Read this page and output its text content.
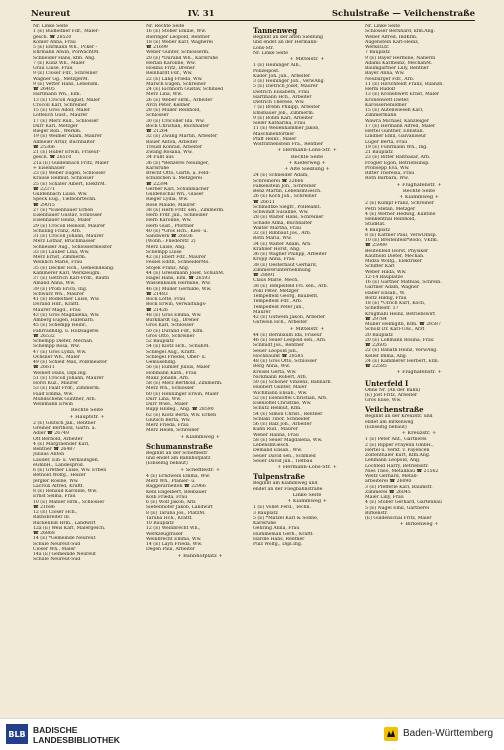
Neureut	IV. 31	Schulstraße — Veilchenstraße
Nr. Linke Seite
1 (E) Budleitner Fdr., Maler-
gesch. ☎ 28520
Kohler Anna, Frau
5 (E) Ehrmann Wh., Pcker -
Ehrmann Alwin, PolWachtM.
Schneider Hans, kfm. Ang.
7 (E) Kunz Wh., Maler
Grau Luise, Frau
9 (E) Closer Fdr., Schreiner
Wagner Gg., MetzgerM.
9 (E) Vetter Hans, Lebensm.
☎ 26405
Hartmann Wh., Elm.
13 (E) Crocoll August, Maler
Crocoll Karl, Schreiner
15 (E) Gros Adolf, Maler
Löffelich Gust., Maurer
17 (E) Merz Rud., Schlosser
Dürr Karl, Metzger
Rieger Rob., Werkm.
19 (E) Weimer Adam, Maurer
Allmeier Artur, Buchhalter
☎ 25366
21 (E) Huber Erwin, Friseur-
gesch. ☎ 26510
21a (E) Guldenbach Fritz, Maler
+ Eisenhauer
23 (E) Weber Eugen, Schlosser
Krause Helmut, Schlosser
25 (E) Schäfer Albert, ElektrM.
☎ 22371
Guldenbach Luise, Ww.
Speck Eug., Tiefbohrtechn.
☎ 29015
27 (E) *Eisenhauer Erben
Eisenhauer Gustav, Schlosser
Eisenhauer Heinz, Maler
29 (E) Crocoll Reinold, Maurer
Schilling Franz, Arb.
31 (E) Crocoll Johann, Maurer
Merz Lothar, Bruchmasser
Schneider Aug., Schlossermeister
33 (E) Lauber Lina, Ww.
Merz Ernst, Zimmerm.
Weinlich Marie, Frau
35 (E) Decker Hch., Gemeindeang.
Kammerer Karl, Werkzeugm.
37 (E) Gettrich Karl-Frdr., Bautn
Amand Anna, Ww.
39 (E) Pröm Erich, Ing.
Schwarz Wh., Maurer
41 (E) Bodleitner Luise, Ww.
Dorand Hdr., Kraftf.
Maurer Magd., Frau
43 (E) Gros Magdalena, Ww.
Amberg Eugen, Hafenarb.
45 (E) Schempp Heinr.,
Fahrradhdlg. u. Holzsägerei
☎ 26532
Schempp Dieter, Mechan.
Schempp Rosa, Ww.
47 (E) Gros Lydia, Ww.
Ochsner Wh., Maler
49 (E) Schleif Max, Polßmeister
☎ 26611
Weinelt Hans, Dipl.Ing.
51 (E) Crocoll Johann, Maurer
Hörst Kuz., Maurer
53 (E) Faalf Frdr., Zimmerm.
Faalf Emma, Ww.
Mundschenk Günther, Arb.
Weinmann Erwin
Rechte Seite
+ Hauptstr. +
2 (E) Glutsch Jak., Rentner
Greiner Berthold, Garth. a.
Adler ☎ 26749
Ott Berhold, Arbeiter
4 (E) Margraender Karl,
Rentner ☎ 26487
Juliaus Anton
Lauder, Ein- u. Verkaufsgen.
eGmbH., Landesprod.
6 (E) Grether Luise, Ww. Erben
Bethold Wolfg., Heizer
Jergler Rosine, Ww.
Lacroix Alfred, Kraftf.
8 (E) Renaud Karoline, Ww.
Ernst Selma, Frau
10 (E) Mahler Hrm., Schlosser
☎ 21686
12 (E) Closer Hch.,
Rathsbreiter Ill.
Ruckenbiß Hrm., Landwirt
12a (E) Weis Karl, Malergesch.
☎ 26868
14 (E) *Gemeinde Neureut
Schule Neureut-Süd
Closer Wh., Maler
14a (E) Gemeinde Neureut
Schule Neureut-Süd
Nr. Rechte Seite
16 (E) Stober Emilie, Ww.
Bieringer Leopold, Rentner
18 (E) Weber Karl, Wagnerei
☎ 21699
Weber Günter, Schlosserm.
20 (E) *Durand Wh., Karlsruhe
Herlan Karoline, Ww.
Hodina Fritz, Dreher
Reinhardt Fdr., Ww.
22 (E) Lang Frieda, Ww.
Marsch Eugen, Schreiner
24 (E) Eichhorn Gustav, Schmied
Merz Lina, Ww.
26 (E) Weber Hrm., Arbeiter
Arch Peter, Kellner
28 (E) Müller Reinhold,
Schlosser
30 (E) Crocoller Ida, Ww.
Bock Christian, Buchhalter
☎ 21264
32 (E) Zwang Martin, Arbeiter
Bauer Anton, Arbeiter
Treudl Konrad, Arbeiter
Zwang Rosalia, Ww.
34 Füllt aus
36 (E) *Benzerei Neuinger,
Karlsruhe
Brecht Otto, Garth. a. Feld-
schildchen u. Metzgerei
☎ 22394
Gerber Karl, Schuhmacher
Guldenschal Wh., Glaser
Rieger Lydia, Ww.
Rose Maude, Maurer
38 (E) Herb Frdr. sen., Zimmerm.
Herb Frdr. jun., Schneider
Herb Karoline, Ww.
Herb Gust., Pförtner
40 (E) *Gros Hch., Kies- u.
Sandwerk ☎ 26836
(Wohn.: Fliederstr. 2)
Merz Luise, Ang.
Schempp Luise
42 (E) Ebert Fdr., Maurer
Fessel Edith, SchneiderMs.
Stojek Franz, Ang.
44 (E) Gressmann Josef, SchuhM.
Hagel Hans, Elm. ☎ 26593
Wassenbaum Hermine, Ww.
46 (E) Müller Gerhilde, Ww.
☎ 21483
Bock Lotte, Frau
Bock Erwin, Verwaltungs-
☎ 21426
48 (E) Gros Emma, Ww.
Burkhardt Gg., Dreher
Gros Karl, Schlosser
50 (E) Durand Fdr., Kfm.
Gros Otto, Schreiner
52 Bauplatz
54 (E) Klotz Hch., SchuhM.
Schlegel Aug., Kraftf.
Schlegel Friedel, Ober- u.
Gemüsehdlg.
56 (E) Eumler Julius, Maler
Hohmann Kath., Frau
Manz Johann, Arb.
58 (E) Merz Berthold, Zimmerm.
Merz Wh., Schlosser
60 (E) Henninger Erwin, Maler
Dürr Lina, Ww.
Dürr Wwe., Maler
Rupp Hildeg., Ang. ☎ 28590
62 (E) Klotz Berta, Ww. Erben
Glutsch Berta, Ww.
Merz Frieda, Frau
Merz Helen, Schreiner
+ Klammweg +
Schumannstraße
Beginnt an der Schefflestr
und endet am Bahnhofplatz
(Einseitig bebaut)
+ Schefflestr. +
4 (E) Erndwein Emma, Ww.
Merz Wh., Planier- u.
Baggerarbeiten ☎ 22966
Kehl Engelbert, Bleibauer
Kolb Frieda, Frau
6 (E) Wolf Jakob, Arb.
Siebenhofer Jakob, Landwirt
8 (E) Taruba Jos., PlatzM.
Taruba Hch., Kraftf.
10 Bauplatz
12 (E) Weinbrecht Wh.,
Werkzeugfräser
Weinbrecht Emma, Ww.
14 (E) Layh Frieda, Ww.
Degen Paul, Arbeiter
+ Bahnhofplatz +
Tannenweg
Beginnt an der alten Siedlung
und endet an der Hermann-
Löns-Str.
Nr. Linke Seite
+ Mittelstr. +
1 (E) Heininger Alb.,
Polizeipost.
Kuder Joh. jun., Arbeiter
3 (E) Heininger Joh., VerwAng.
5 (E) Dietrich Josef, Maurer
Dietrich Elisabeth, Frau
Hartmann Hch., Arbeiter
Dietrich Therese, Ww.
7 (E) Brenn Philipp, Arbeiter
Emsbauer Joh., Zimmerm.
9 (E) Böhm Karl, Arbeiter
Sieler Katharina, Frau
11 (E) Wellenhammer Jakob,
Maschinenformer
Pfaff Heinr., Maler
Wolfrathenstein Fra., Rentner
+ Hermann-Löns-Str. +
Rechte Seite
+ Kieferweg +
+ Alte Siedlung +
24 (E) Schneider Adam,
Schreinerei ☎ 22666
Falkenstein Joh., Schreiner
Benz Martin, LebensmGesch.
26 (E) Koch Joh., Schreiner
☎ 26611
Schmidtke Siegfr., PolBeamt.
Schwindt Susanne, Ww.
28 (E) Walter Hans, Schreiner
Schade Alma, Buchhalter
Walter Martha, Frau
32 (E) Rimbaut Jos., Arb.
Roth Maria, Ww.
34 (E) Walter Adam, Arb.
Krähner Horst, Ang.
36 (E) Wagner Philipp, Arbeiter
Kropp Anna, Frau
38 (E) Oesterhaut Gerhard,
Zimmererunternehmung
☎ 28891
Claus Marie, Mech.
38 (E) Tempelfeld Fri. sen., Arb.
Pohl Peter, Metzger
Tempelfeld Georg, Baubeflt.
Tempelfeld Fdr., Arb.
Tempelfeld Peter jun.,
Maurer
42 (E) Gutwein Jakob, Arbeiter
Gutwein Hch., Arbeiter
+ Mittelstr. +
44 (E) Bernbaum Ida, Friseur
46 (E) Seuer Leopold sen., Arb.
Schmidt Jos., Rentner
Seuer Leopold jun.,
Hochbaumt ☎ 28585
48 (E) Gros Otto, Schlosser
Berg Anna, Ww.
Kreisel Gerta, Ww.
Nickmann Robert, Arb.
50 (E) Schöner Vinzenz, Bahnarb.
Hübbert Günter, Maler
Wichmann Elisab., Ww.
52 (E) Esenlöffel Christian, Arb.
Esenlöffel Christine, Ww.
Schütz Helmut, Kfm.
54 (E) Simon Christ., Rentner
Schlaki Tibor, Schneider
56 (E) Balz Joh., Arbeiter
Kuhn Rud., Maurer
Weber Hanna, Frau
58 (E) Seuer Magdalena, Ww.
LebensmGesch.
Demand Elisab., Ww.
Seuer David sen., Schmied
Seuer David jun., Tiefbau
+ Hermann-Löns-Str. +
Tulpenstraße
Beginnt am Klammweg und
endet an der Fliegbahnstraße
Linke Seite
+ Klammweg +
1 (E) Vollet Ferd., Techn.
3 Bauplatz
5 (E) *Matzel Karl & Söhne,
Karlsruhe
Gehring Anna, Frau
Hummeman Gerh., Kraftf.
Hardle Hans, Rentner
Pulz Wolfg., Dipl.Ing.
Nr. Linke Seite
Schlosser Bernhard, kfm.Ang.
Weber Alfred, IndKfm.
Augenstein Karl-Heinz,
WerkstLtr.
7 Bauplatz
9 (E) Bayer Hermine, Näherin
Adams Karlheinz, MechanM.
Baumgärtner Lilly, Rentner
Bayer Anna, Ww.
Neuburger Fdr., Arb.
11 (E) Hirschfeldt Franz, Bilanzb.
Herm Rudolf
13 (E) Kronenwett Ernst, Maler
Kronenwett Dieter,
Karosseriebildner
15 (E) Autenwieseh Karl,
Zimmermann
Wawra Michael, Kanzleiger
17 (E) Hermann Alfred, Maler
Hertel Günther, ElInstall.
Lindner Emil, Galvaniseur
Luger Berta, Frau
19 (E) Fuhrmann Wh., Ing.
21 Bauplatz
23 (E) Ritter Balthasar, Arb.
Frogler Egon, Betriebsinsp.
Probsepp Eva, Ww.
Ritter Theresia, Frau
Roth Barbara, Ww.
+ Flughafenstr. +
Rechte Seite
+ Klammweg +
2 (E) Kumpf Franz, Schreiner
Petri Stefan, Metzger
4 (E) Werner Hedwig, Kantine
Henkenthal Reinhold,
StudRat.
4 Bauplatz
8 (E) Kattner Paul, VerwOInsp.
10 (E) Breitenfeld*Bodo, VKfm.
☎ 25989
Beutenfeld Horst, Physiker
Kaufhold Dieter, Mechan.
Midza Wolfg., Elektriker
Schiffer Karl
Weber Hilda, Ww.
12-14 Bauplätze
16 (E) Gärtner Mathias, Schrein.
Gärtner Adam, Wagner
Haber Elisab., W.
Boltz Hildig, Frau
18 (E) *Ulrich Kurt, Koch,
Schefflestr. 17
Krugmahl Heinz, Betriebswirt
☎ 29784
Müller Helmgith, Kfm. ☎ 28587
Scholz Dr. Karl-Ulw., Arzt
20 Bauplatz
20 (E) Lohmann Rosina, Frau
☎ 22605
22 (E) Banath Heinz, VerwAng.
Keller Imma, Ang.
24 (E) Kammerer Herbert, Elm.
☎ 22585
+ Flughafenstr. +
Unterfeld I
Ohne Nr. (An der Bahn)
(E) Jost Fritz, Arbeiter
Gros Elise, Ww.
Veilchenstraße
Beginnt an der Kreuzstr. und
endet am Birkenweg
(Einseitig bebaut)
+ Kreuzstr. +
1 (E) Peter Ant., Gärtnerei
2 (E) Ripper Frayenn GmbH.,
Hertel u. Verkf. v. Fayencen
Zoltenthaler Kurt, Kfm.Ang.
Lehmann Leopold, Ang.
Lochfeld Harry, Betriebsltr.
Nies Theo, Metallbau ☎ 21562
Weltz Gerhard, Metall-
arbeiterei ☎ 26090
3 (E) Pfefferle Karl, Baumstr.
Zimmerei ☎ 26045
Maier Lilly, Frau
4 (E) Stober Gerhard, Gartenbau
5 (E) Nagel Emil, Gärtnerei
Birkenstr.
(E) Guldenschal Fritz, Maler
+ Birkenweg +
BLB BADISCHE
LANDESBIBLIOTHEK
Baden-Württemberg
